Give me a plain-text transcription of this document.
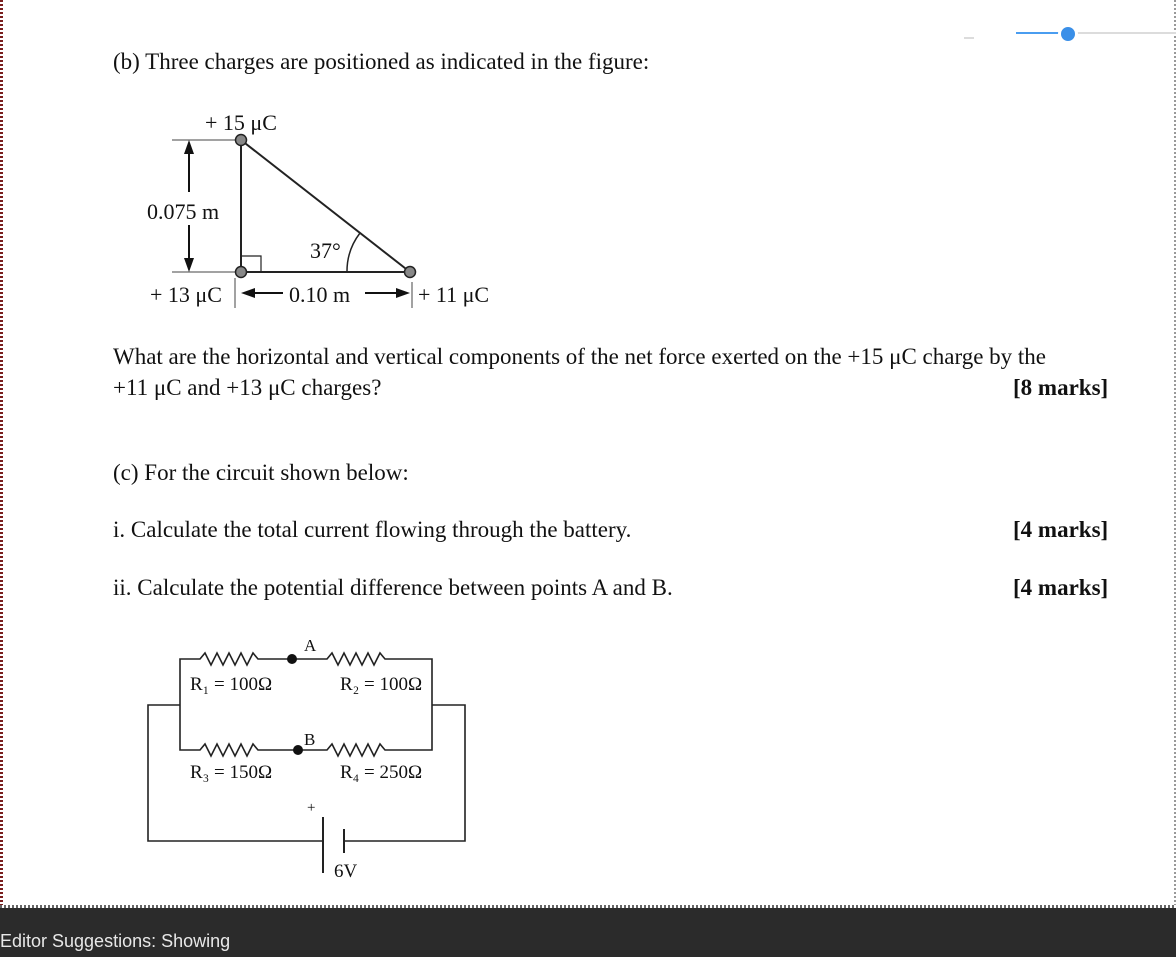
(b) Three charges are positioned as indicated in the figure:
+ 15 μC
0.075 m
37°
+ 13 μC	0.10 m	+ 11 μC
What are the horizontal and vertical components of the net force exerted on the +15 μC charge by the
+11 μC and +13 μC charges?	[8 marks]
(c) For the circuit shown below:
i. Calculate the total current flowing through the battery.	[4 marks]
ii. Calculate the potential difference between points A and B.	[4 marks]
A
B
R₁ = 100Ω	R₂ = 100Ω
R₃ = 150Ω	R₄ = 250Ω
+
6V
Editor Suggestions: Showing
